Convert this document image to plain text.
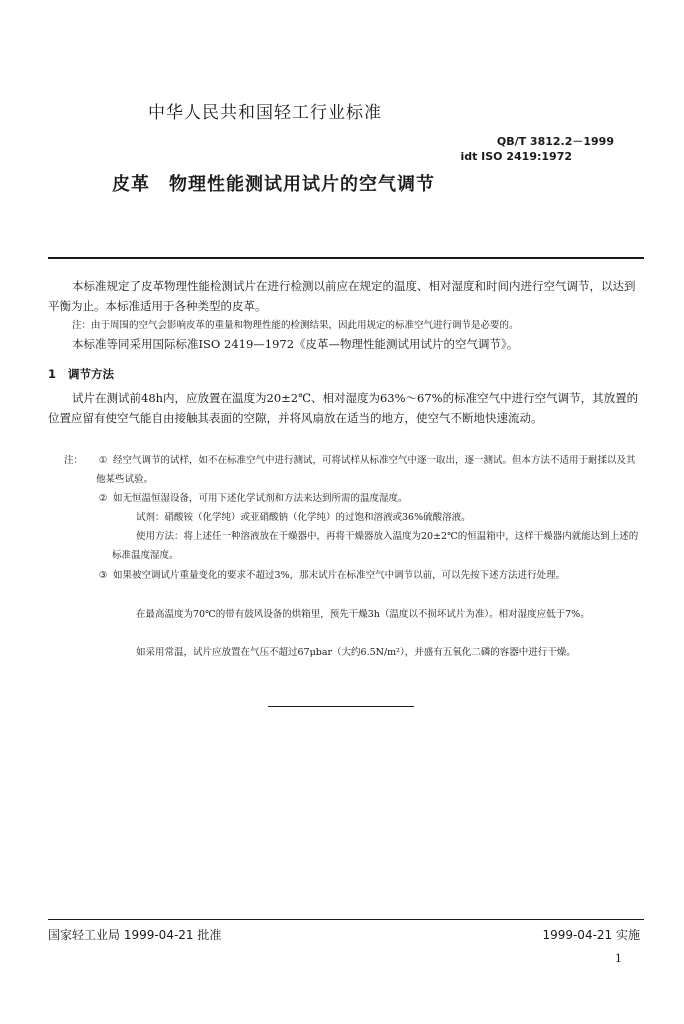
中华人民共和国轻工行业标准
QB/T 3812.2－1999
idt ISO 2419:1972
皮革　物理性能测试用试片的空气调节
本标准规定了皮革物理性能检测试片在进行检测以前应在规定的温度、相对湿度和时间内进行空气调节，以达到平衡为止。本标准适用于各种类型的皮革。
注：由于周围的空气会影响皮革的重量和物理性能的检测结果，因此用规定的标准空气进行调节是必要的。
本标准等同采用国际标准ISO 2419—1972《皮革—物理性能测试用试片的空气调节》。
1 调节方法
试片在测试前48h内，应放置在温度为20±2℃、相对湿度为63%～67%的标准空气中进行空气调节，其放置的位置应留有使空气能自由接触其表面的空隙，并将风扇放在适当的地方，使空气不断地快速流动。
注： ① 经空气调节的试样，如不在标准空气中进行测试，可将试样从标准空气中逐一取出，逐一测试。但本方法不适用于耐揉以及其他某些试验。
② 如无恒温恒湿设备，可用下述化学试剂和方法来达到所需的温度湿度。
试剂：硝酸铵（化学纯）或亚硝酸钠（化学纯）的过饱和溶液或36%硫酸溶液。
使用方法：将上述任一种溶液放在干燥器中，再将干燥器放入温度为20±2℃的恒温箱中，这样干燥器内就能达到上述的标准温度湿度。
③ 如果被空调试片重量变化的要求不超过3%，那末试片在标准空气中调节以前，可以先按下述方法进行处理。
在最高温度为70℃的带有鼓风设备的烘箱里，预先干燥3h（温度以不损坏试片为准）。相对湿度应低于7%。
如采用常温，试片应放置在气压不超过67μbar（大约6.5N/m²），并盛有五氧化二磷的容器中进行干燥。
国家轻工业局 1999-04-21 批准	1999-04-21 实施
1
